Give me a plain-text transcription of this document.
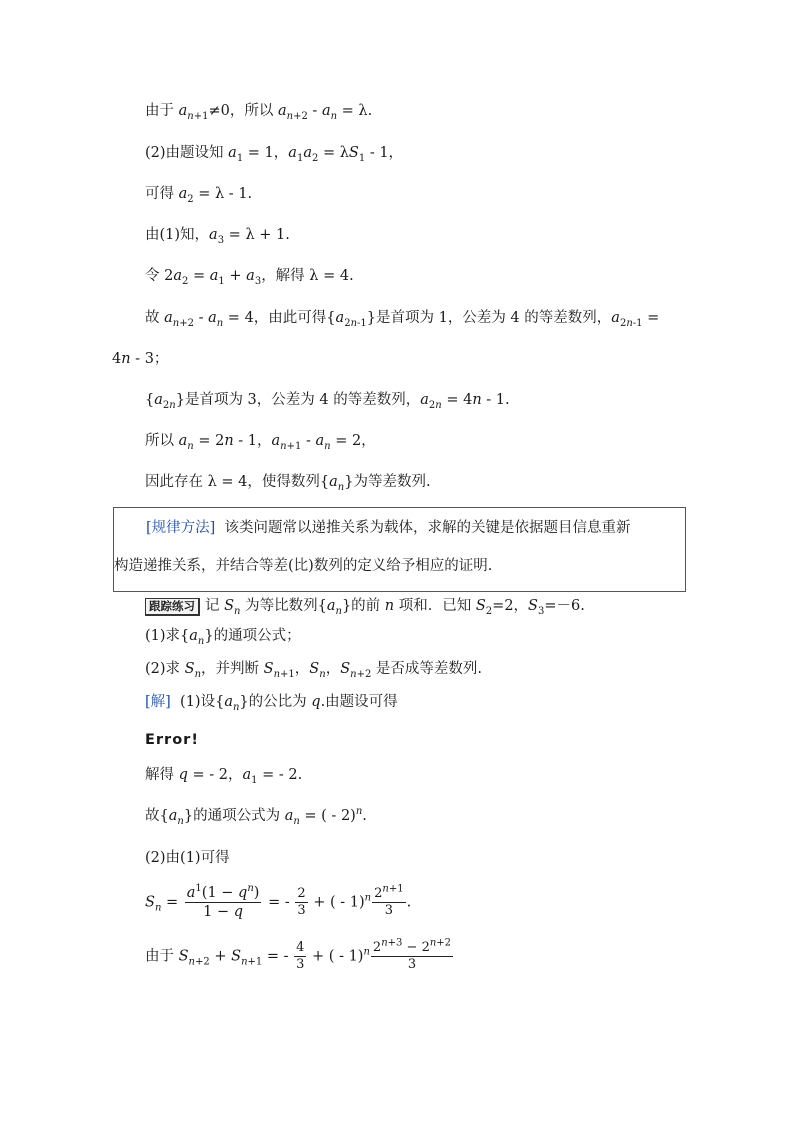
由于 $a_{n+1}\ne 0$，所以 $a_{n+2} - a_n = \lambda$.
(2)由题设知 $a_1 = 1$，$a_1a_2 = \lambda S_1 - 1$，
可得 $a_2 = \lambda - 1$.
由(1)知，$a_3 = \lambda + 1$.
令 $2a_2 = a_1 + a_3$，解得 λ = 4.
故 $a_{n+2} - a_n = 4$，由此可得$\{a_{2n-1}\}$是首项为 1，公差为 4 的等差数列，$a_{2n-1}$ =
4n - 3；
$\{a_{2n}\}$是首项为 3，公差为 4 的等差数列，$a_{2n} = 4n - 1$.
所以 $a_n = 2n - 1$，$a_{n+1} - a_n = 2$，
因此存在 λ = 4，使得数列$\{a_n\}$为等差数列.
[规律方法] 该类问题常以递推关系为载体，求解的关键是依据题目信息重新
构造递推关系，并结合等差(比)数列的定义给予相应的证明.
跟踪练习 记 $S_n$ 为等比数列$\{a_n\}$的前 n 项和．已知 $S_2=2$，$S_3=-6$.
(1)求$\{a_n\}$的通项公式；
(2)求 $S_n$，并判断 $S_{n+1}$，$S_n$，$S_{n+2}$ 是否成等差数列.
[解]  (1)设$\{a_n\}$的公比为 q.由题设可得
Error!
解得 q = - 2，$a_1$ = - 2.
故$\{a_n\}$的通项公式为 $a_n$ = ( - 2)$^n$.
(2)由(1)可得
$S_n = \frac{a^1(1 - q^n)}{1 - q}$ = - $\frac{2}{3}$ + ( - $1)^n \frac{2^{n+1}}{3}$ .
由于 $S_{n+2} + S_{n+1}$ = - $\frac{4}{3}$ + ( - $1)^n \frac{2^{n+3} - 2^{n+2}}{3}$
